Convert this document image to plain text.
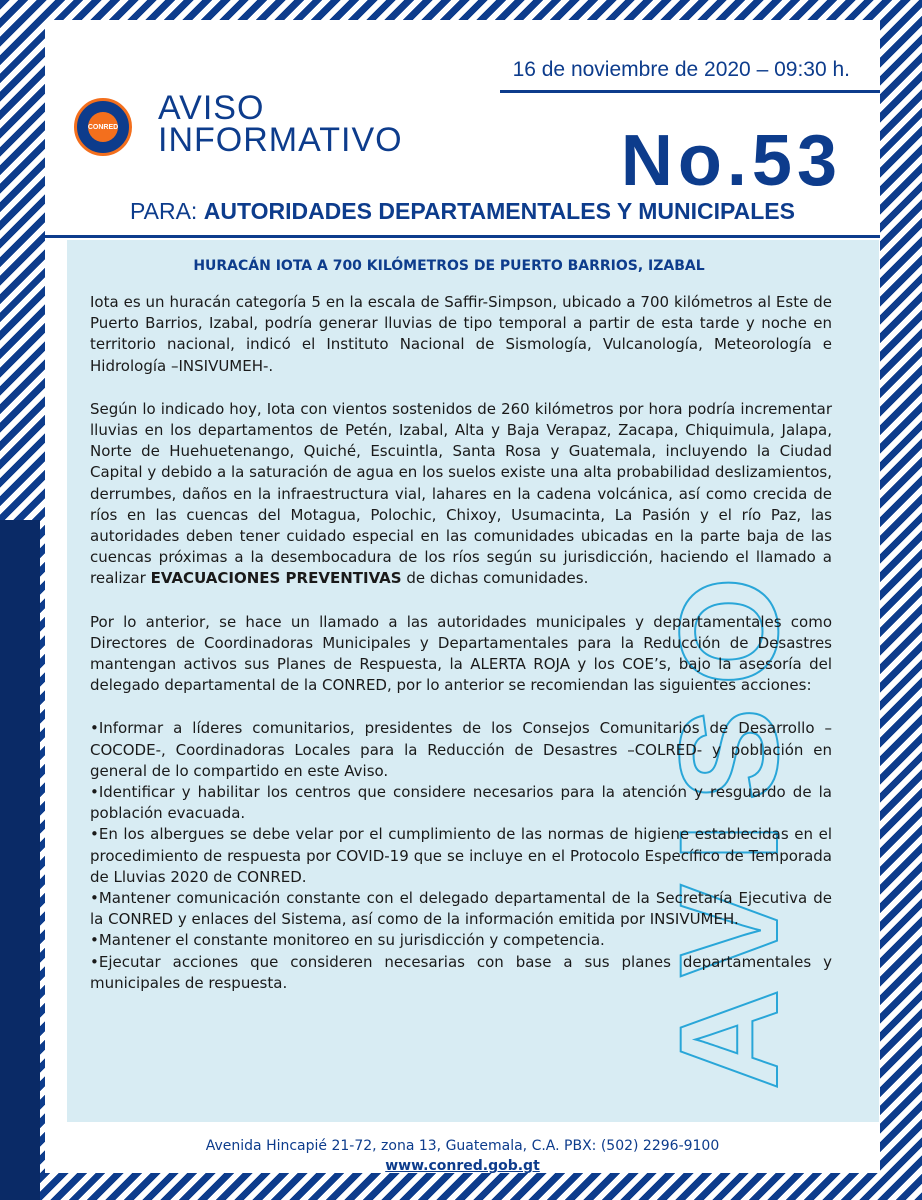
16 de noviembre de 2020 – 09:30 h.
CONRED AVISO
INFORMATIVO	No.53
PARA: AUTORIDADES DEPARTAMENTALES Y MUNICIPALES
AVISO
HURACÁN IOTA A 700 KILÓMETROS DE PUERTO BARRIOS, IZABAL

Iota es un huracán categoría 5 en la escala de Saffir-Simpson, ubicado a 700 kilómetros al Este de Puerto Barrios, Izabal, podría generar lluvias de tipo temporal a partir de esta tarde y noche en territorio nacional, indicó el Instituto Nacional de Sismología, Vulcanología, Meteorología e Hidrología –INSIVUMEH-.

Según lo indicado hoy, Iota con vientos sostenidos de 260 kilómetros por hora podría incrementar lluvias en los departamentos de Petén, Izabal, Alta y Baja Verapaz, Zacapa, Chiquimula, Jalapa, Norte de Huehuetenango, Quiché, Escuintla, Santa Rosa y Guatemala, incluyendo la Ciudad Capital y debido a la saturación de agua en los suelos existe una alta probabilidad deslizamientos, derrumbes, daños en la infraestructura vial, lahares en la cadena volcánica, así como crecida de ríos en las cuencas del Motagua, Polochic, Chixoy, Usumacinta, La Pasión y el río Paz, las autoridades deben tener cuidado especial en las comunidades ubicadas en la parte baja de las cuencas próximas a la desembocadura de los ríos según su jurisdicción, haciendo el llamado a realizar EVACUACIONES PREVENTIVAS de dichas comunidades.

Por lo anterior, se hace un llamado a las autoridades municipales y departamentales como Directores de Coordinadoras Municipales y Departamentales para la Reducción de Desastres mantengan activos sus Planes de Respuesta, la ALERTA ROJA y los COE’s, bajo la asesoría del delegado departamental de la CONRED, por lo anterior se recomiendan las siguientes acciones:

•Informar a líderes comunitarios, presidentes de los Consejos Comunitarios de Desarrollo –COCODE-, Coordinadoras Locales para la Reducción de Desastres –COLRED- y población en general de lo compartido en este Aviso.

•Identificar y habilitar los centros que considere necesarios para la atención y resguardo de la población evacuada.

•En los albergues se debe velar por el cumplimiento de las normas de higiene establecidas en el procedimiento de respuesta por COVID-19 que se incluye en el Protocolo Específico de Temporada de Lluvias 2020 de CONRED.

•Mantener comunicación constante con el delegado departamental de la Secretaría Ejecutiva de la CONRED y enlaces del Sistema, así como de la información emitida por INSIVUMEH.

•Mantener el constante monitoreo en su jurisdicción y competencia.

•Ejecutar acciones que consideren necesarias con base a sus planes departamentales y municipales de respuesta.

Avenida Hincapié 21-72, zona 13, Guatemala, C.A. PBX: (502) 2296-9100
www.conred.gob.gt
